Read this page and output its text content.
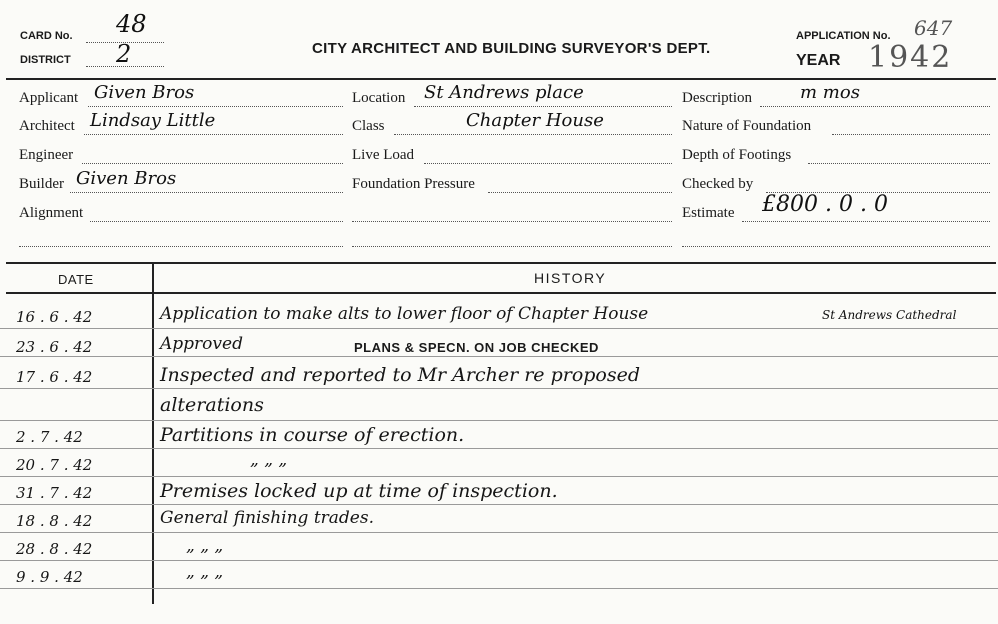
CARD No. 48
DISTRICT 2	CITY ARCHITECT AND BUILDING SURVEYOR'S DEPT.
APPLICATION No. 647
YEAR 1942
Applicant Given Bros
Architect Lindsay Little
Engineer
Builder Given Bros
Alignment
Location St Andrews place
Class	Chapter House
Live Load
Foundation Pressure
Description	m mos
Nature of Foundation
Depth of Footings
Checked by
Estimate £800 . 0 . 0
DATE	HISTORY
16 . 6 . 42	Application to make alts to lower floor of Chapter House	St Andrews Cathedral
23 . 6 . 42	Approved	PLANS & SPECN. ON JOB CHECKED
17 . 6 . 42	Inspected and reported to Mr Archer re proposed
alterations
2 . 7 . 42	Partitions in course of erection.
20 . 7 . 42	„ „ „
31 . 7 . 42	Premises locked up at time of inspection.
18 . 8 . 42	General finishing trades.
28 . 8 . 42	„ „ „
9 . 9 . 42	„ „ „
